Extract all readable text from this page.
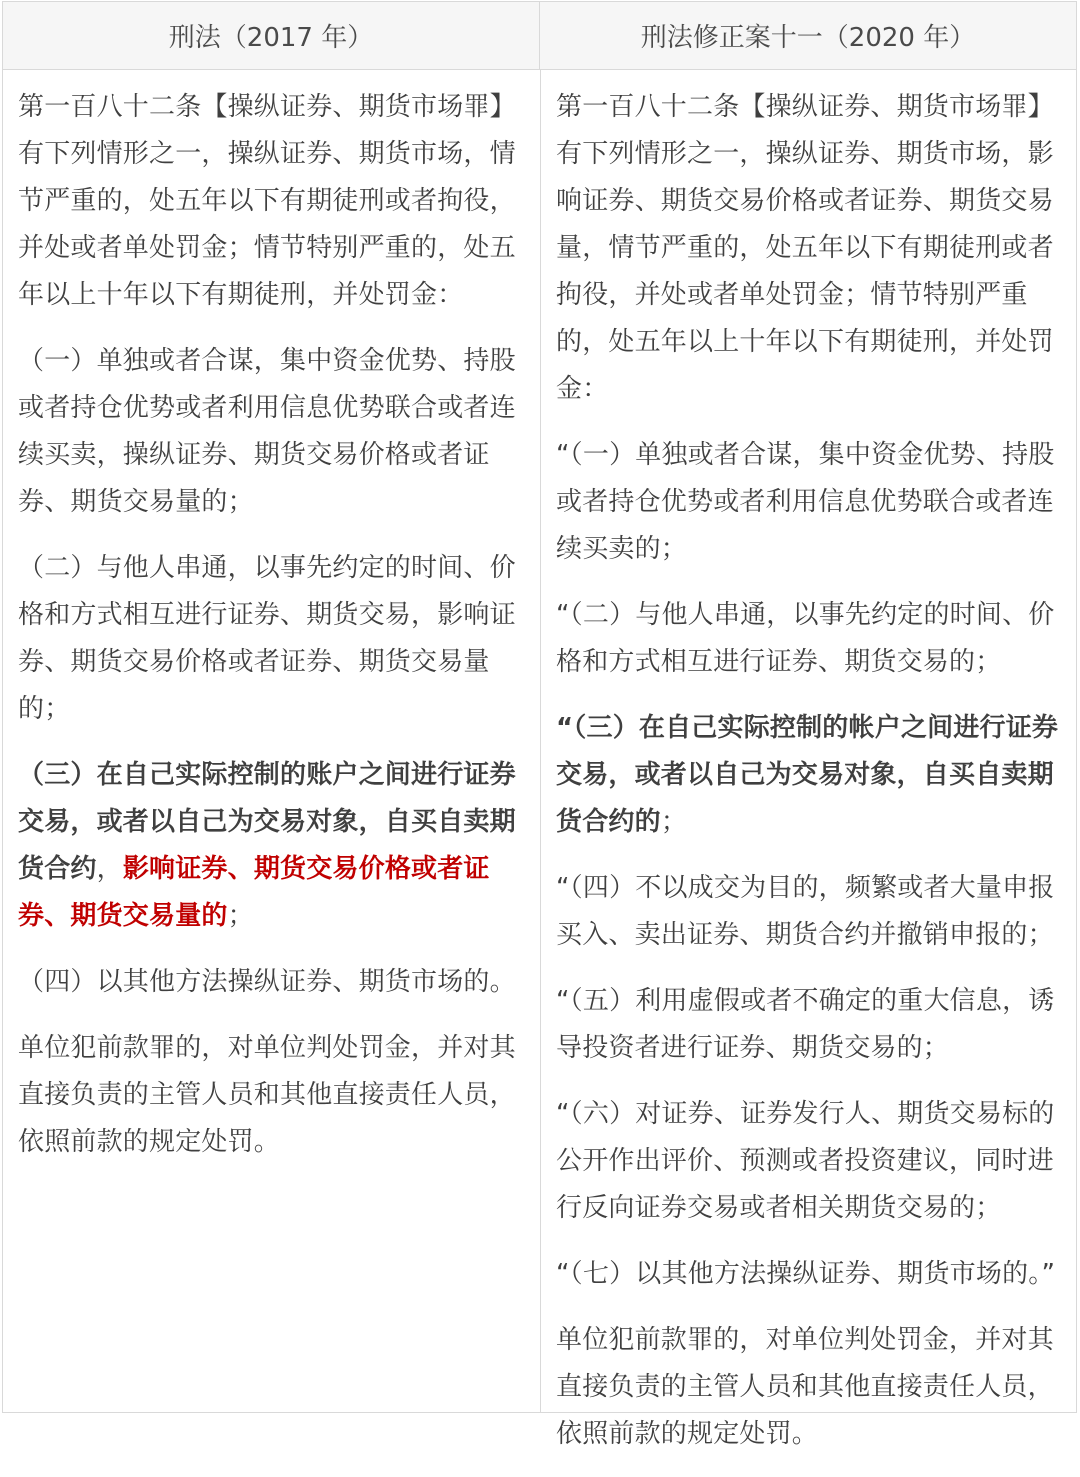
刑法（2017 年）	刑法修正案十一（2020 年）

第一百八十二条【操纵证券、期货市场罪】有下列情形之一，操纵证券、期货市场，情节严重的，处五年以下有期徒刑或者拘役，并处或者单处罚金；情节特别严重的，处五年以上十年以下有期徒刑，并处罚金：

（一）单独或者合谋，集中资金优势、持股或者持仓优势或者利用信息优势联合或者连续买卖，操纵证券、期货交易价格或者证券、期货交易量的；

（二）与他人串通，以事先约定的时间、价格和方式相互进行证券、期货交易，影响证券、期货交易价格或者证券、期货交易量的；

（三）在自己实际控制的账户之间进行证券交易，或者以自己为交易对象，自买自卖期货合约，影响证券、期货交易价格或者证券、期货交易量的；

（四）以其他方法操纵证券、期货市场的。

单位犯前款罪的，对单位判处罚金，并对其直接负责的主管人员和其他直接责任人员，依照前款的规定处罚。

第一百八十二条【操纵证券、期货市场罪】有下列情形之一，操纵证券、期货市场，影响证券、期货交易价格或者证券、期货交易量，情节严重的，处五年以下有期徒刑或者拘役，并处或者单处罚金；情节特别严重的，处五年以上十年以下有期徒刑，并处罚金：

“（一）单独或者合谋，集中资金优势、持股或者持仓优势或者利用信息优势联合或者连续买卖的；

“（二）与他人串通，以事先约定的时间、价格和方式相互进行证券、期货交易的；

“（三）在自己实际控制的帐户之间进行证券交易，或者以自己为交易对象，自买自卖期货合约的；

“（四）不以成交为目的，频繁或者大量申报买入、卖出证券、期货合约并撤销申报的；

“（五）利用虚假或者不确定的重大信息，诱导投资者进行证券、期货交易的；

“（六）对证券、证券发行人、期货交易标的公开作出评价、预测或者投资建议，同时进行反向证券交易或者相关期货交易的；

“（七）以其他方法操纵证券、期货市场的。”

单位犯前款罪的，对单位判处罚金，并对其直接负责的主管人员和其他直接责任人员，依照前款的规定处罚。
